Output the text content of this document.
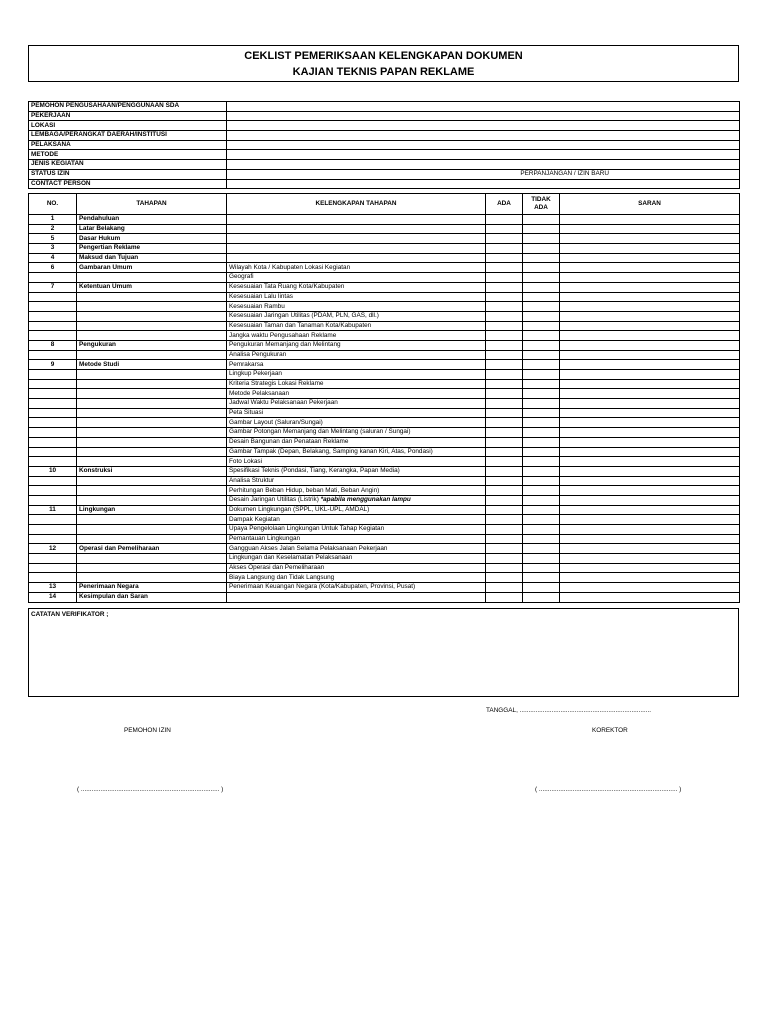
CEKLIST PEMERIKSAAN KELENGKAPAN DOKUMEN
KAJIAN TEKNIS PAPAN REKLAME
PEMOHON PENGUSAHAAN/PENGGUNAAN SDA	
PEKERJAAN	
LOKASI	
LEMBAGA/PERANGKAT DAERAH/INSTITUSI	
PELAKSANA	
METODE	
JENIS KEGIATAN	
STATUS IZIN	PERPANJANGAN / IZIN BARU
CONTACT PERSON	
NO.	TAHAPAN	KELENGKAPAN TAHAPAN	ADA	TIDAK ADA	SARAN
1	Pendahuluan				
2	Latar Belakang				
5	Dasar Hukum				
3	Pengertian Reklame				
4	Maksud dan Tujuan				
6	Gambaran Umum	Wilayah Kota / Kabupaten Lokasi Kegiatan			
		Geografi			
7	Ketentuan Umum	Kesesuaian Tata Ruang Kota/Kabupaten			
		Kesesuaian Lalu lintas			
		Kesesuaian Rambu			
		Kesesuaian Jaringan Utilitas (PDAM, PLN, GAS, dll.)			
		Kesesuaian Taman dan Tanaman Kota/Kabupaten			
		Jangka waktu Pengusahaan Reklame			
8	Pengukuran	Pengukuran Memanjang dan Melintang			
		Analisa Pengukuran			
9	Metode Studi	Pemrakarsa			
		Lingkup Pekerjaan			
		Kriteria Strategis Lokasi Reklame			
		Metode Pelaksanaan			
		Jadwal Waktu Pelaksanaan Pekerjaan			
		Peta Situasi			
		Gambar Layout (Saluran/Sungai)			
		Gambar Potongan Memanjang dan Melintang (saluran / Sungai)			
		Desain Bangunan dan Penataan Reklame			
		Gambar Tampak (Depan, Belakang, Samping kanan Kiri, Atas, Pondasi)			
		Foto Lokasi			
10	Konstruksi	Spesifikasi Teknis (Pondasi, Tiang, Kerangka, Papan Media)			
		Analisa Struktur			
		Perhitungan Beban Hidup, beban Mati, Beban Angin)			
		Desain Jaringan Utilitas (Listrik) *apabila menggunakan lampu			
11	Lingkungan	Dokumen Lingkungan (SPPL, UKL-UPL, AMDAL)			
		Dampak Kegiatan			
		Upaya Pengelolaan Lingkungan Untuk Tahap Kegiatan			
		Pemantauan Lingkungan			
12	Operasi dan Pemeliharaan	Gangguan Akses Jalan Selama Pelaksanaan Pekerjaan			
		Lingkungan dan Keselamatan Pelaksanaan			
		Akses Operasi dan Pemeliharaan			
		Biaya Langsung dan Tidak Langsung			
13	Penerimaan Negara	Penerimaan Keuangan Negara (Kota/Kabupaten, Provinsi, Pusat)			
14	Kesimpulan dan Saran				
CATATAN VERIFIKATOR ;
TANGGAL, ..........................................................................
PEMOHON IZIN	KOREKTOR
( .............................................................................. )	( .............................................................................. )
